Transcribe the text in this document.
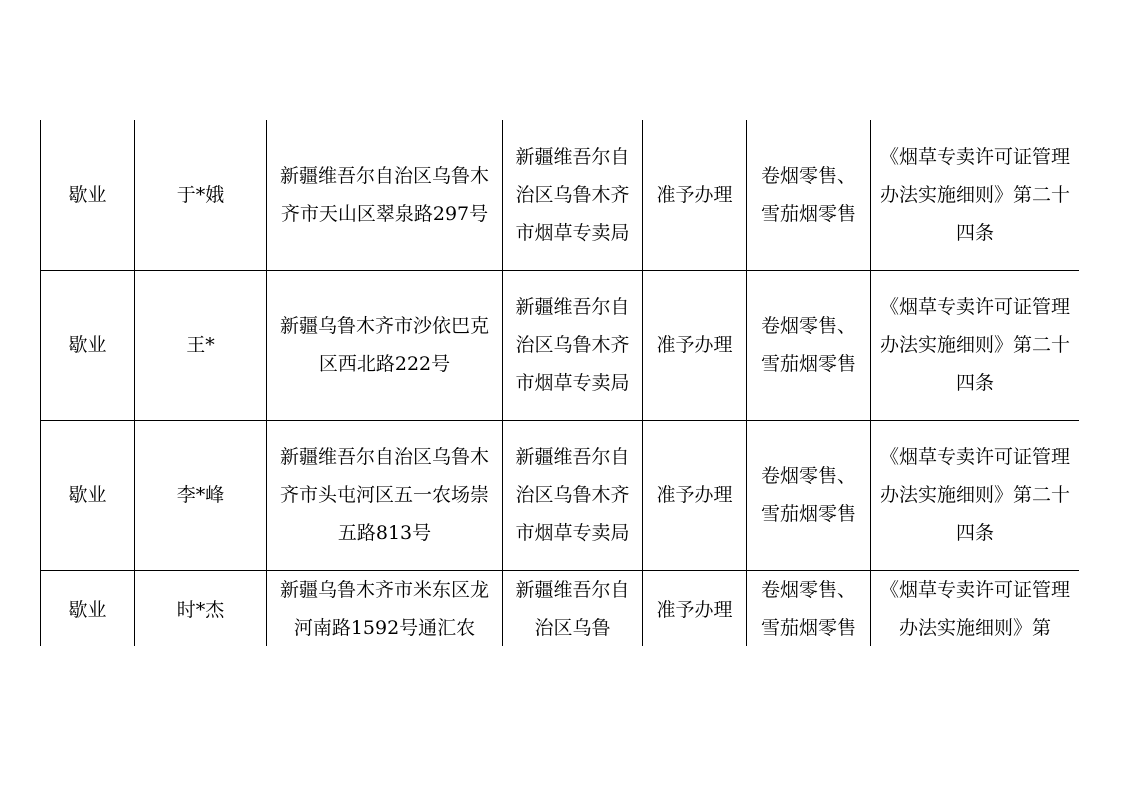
歇业	于*娥	新疆维吾尔自治区乌鲁木齐市天山区翠泉路297号	新疆维吾尔自治区乌鲁木齐市烟草专卖局	准予办理	卷烟零售、雪茄烟零售	《烟草专卖许可证管理办法实施细则》第二十四条
歇业	王*	新疆乌鲁木齐市沙依巴克区西北路222号	新疆维吾尔自治区乌鲁木齐市烟草专卖局	准予办理	卷烟零售、雪茄烟零售	《烟草专卖许可证管理办法实施细则》第二十四条
歇业	李*峰	新疆维吾尔自治区乌鲁木齐市头屯河区五一农场崇五路813号	新疆维吾尔自治区乌鲁木齐市烟草专卖局	准予办理	卷烟零售、雪茄烟零售	《烟草专卖许可证管理办法实施细则》第二十四条
歇业	时*杰	新疆乌鲁木齐市米东区龙河南路1592号通汇农	新疆维吾尔自治区乌鲁	准予办理	卷烟零售、雪茄烟零售	《烟草专卖许可证管理办法实施细则》第
